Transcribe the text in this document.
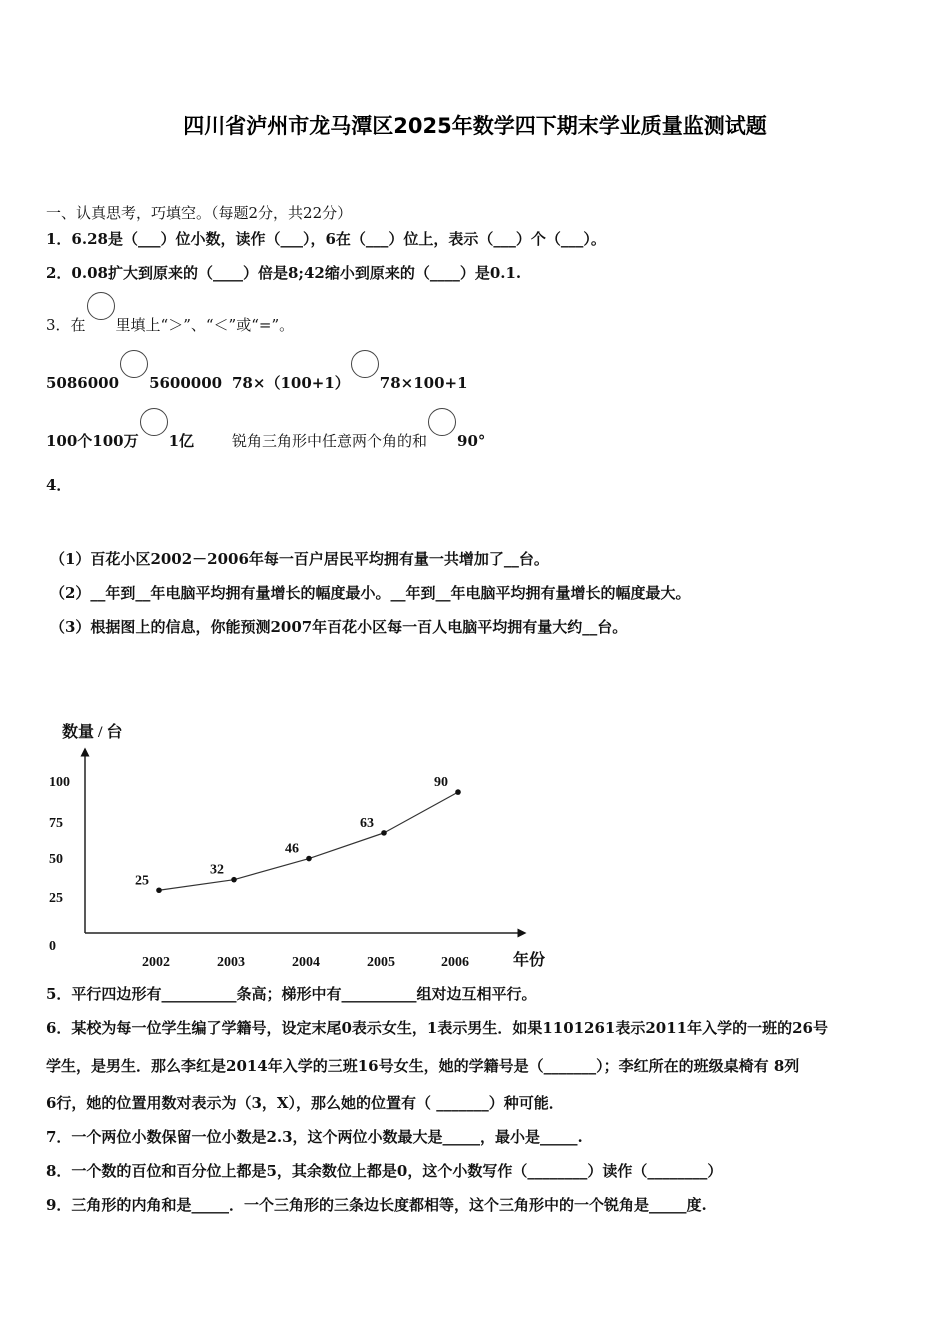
四川省泸州市龙马潭区2025年数学四下期末学业质量监测试题
一、认真思考，巧填空。（每题2分，共22分）
1．6.28是（___）位小数，读作（___），6在（___）位上，表示（___）个（___）。
2．0.08扩大到原来的（____）倍是8;42缩小到原来的（____）是0.1.
3．在 里填上“＞”、“＜”或“=”。
5086000 5600000 78×（100+1） 78×100+1
100个100万 1亿	锐角三角形中任意两个角的和 90°
4．
（1）百花小区2002－2006年每一百户居民平均拥有量一共增加了__台。
（2）__年到__年电脑平均拥有量增长的幅度最小。__年到__年电脑平均拥有量增长的幅度最大。
（3）根据图上的信息，你能预测2007年百花小区每一百人电脑平均拥有量大约__台。
数量 / 台
0
25
50
75
100
2002	2003	2004	2005	2006
25
32
46
63
90
年份
5．平行四边形有__________条高；梯形中有__________组对边互相平行。
6．某校为每一位学生编了学籍号，设定末尾0表示女生，1表示男生．如果1101261表示2011年入学的一班的26号
学生，是男生．那么李红是2014年入学的三班16号女生，她的学籍号是（_______）；李红所在的班级桌椅有 8列
6行，她的位置用数对表示为（3，X），那么她的位置有（ _______）种可能．
7．一个两位小数保留一位小数是2.3，这个两位小数最大是_____，最小是_____.
8．一个数的百位和百分位上都是5，其余数位上都是0，这个小数写作（________）读作（________）
9．三角形的内角和是_____．一个三角形的三条边长度都相等，这个三角形中的一个锐角是_____度.
